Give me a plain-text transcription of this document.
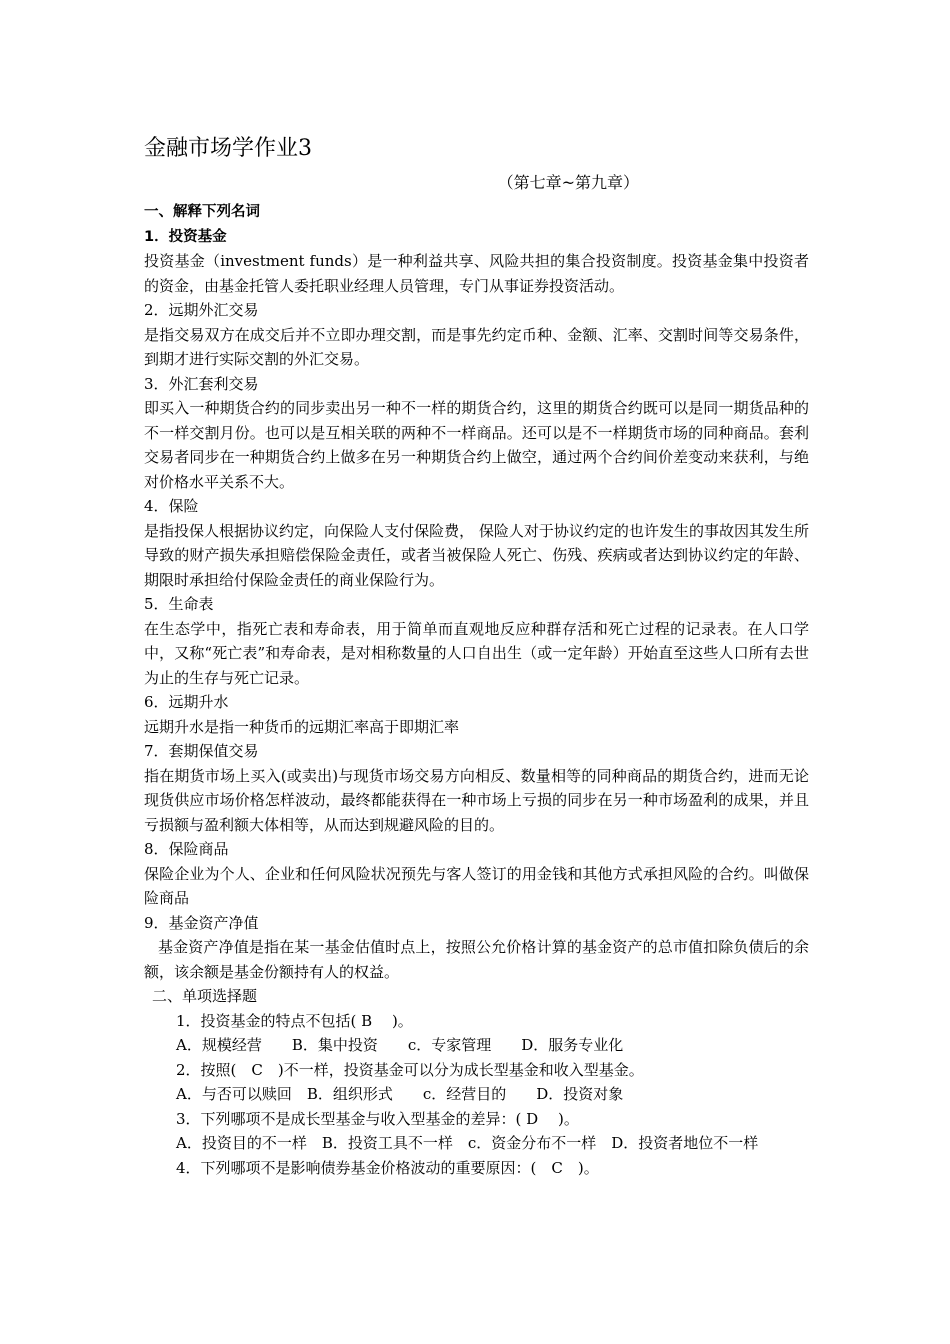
金融市场学作业3
（第七章~第九章）
一、解释下列名词
1．投资基金
投资基金（investment funds）是一种利益共享、风险共担的集合投资制度。投资基金集中投资者的资金，由基金托管人委托职业经理人员管理，专门从事证券投资活动。
2．远期外汇交易
是指交易双方在成交后并不立即办理交割，而是事先约定币种、金额、汇率、交割时间等交易条件，到期才进行实际交割的外汇交易。
3．外汇套利交易
即买入一种期货合约的同步卖出另一种不一样的期货合约，这里的期货合约既可以是同一期货品种的不一样交割月份。也可以是互相关联的两种不一样商品。还可以是不一样期货市场的同种商品。套利交易者同步在一种期货合约上做多在另一种期货合约上做空，通过两个合约间价差变动来获利，与绝对价格水平关系不大。
4．保险
是指投保人根据协议约定，向保险人支付保险费， 保险人对于协议约定的也许发生的事故因其发生所导致的财产损失承担赔偿保险金责任，或者当被保险人死亡、伤残、疾病或者达到协议约定的年龄、期限时承担给付保险金责任的商业保险行为。
5．生命表
在生态学中，指死亡表和寿命表，用于简单而直观地反应种群存活和死亡过程的记录表。在人口学中，又称“死亡表”和寿命表，是对相称数量的人口自出生（或一定年龄）开始直至这些人口所有去世为止的生存与死亡记录。
6．远期升水
远期升水是指一种货币的远期汇率高于即期汇率
7．套期保值交易
指在期货市场上买入(或卖出)与现货市场交易方向相反、数量相等的同种商品的期货合约，进而无论现货供应市场价格怎样波动，最终都能获得在一种市场上亏损的同步在另一种市场盈利的成果，并且亏损额与盈利额大体相等，从而达到规避风险的目的。
8．保险商品
保险企业为个人、企业和任何风险状况预先与客人签订的用金钱和其他方式承担风险的合约。叫做保险商品
9．基金资产净值
基金资产净值是指在某一基金估值时点上，按照公允价格计算的基金资产的总市值扣除负债后的余额，该余额是基金份额持有人的权益。
二、单项选择题
1．投资基金的特点不包括( B　 )。
A．规模经营　　B．集中投资　　c．专家管理　　D．服务专业化
2．按照(　C　)不一样，投资基金可以分为成长型基金和收入型基金。
A．与否可以赎回　B．组织形式　　c．经营目的　　D．投资对象
3．下列哪项不是成长型基金与收入型基金的差异：( D　 )。
A．投资目的不一样　B．投资工具不一样　c．资金分布不一样　D．投资者地位不一样
4．下列哪项不是影响债券基金价格波动的重要原因：(　C　)。
